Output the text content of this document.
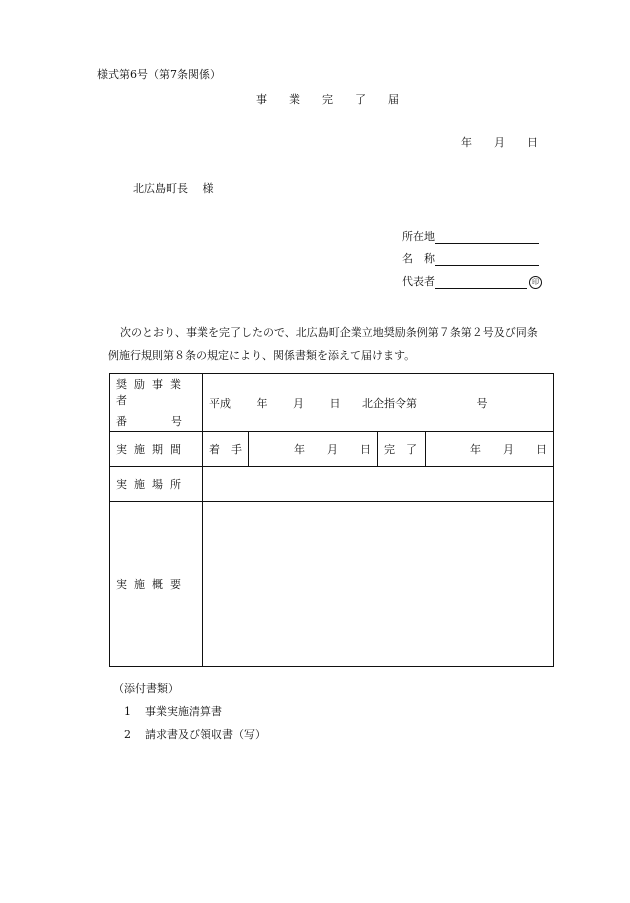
様式第6号（第7条関係）
事　　業　　完　　了　　届
年　　月　　日
北広島町長　 様
所在地
名　称
代表者	印
次のとおり、事業を完了したので、北広島町企業立地奨励条例第７条第２号及び同条
例施行規則第８条の規定により、関係書類を添えて届けます。
奨励事業者
番　　　　号	平成 年 月 日 北企指令第 号			
実施期間	着　手	年　　月　　日	完　了	年　　月　　日
実施場所				
実施概要				
（添付書類）
1 事業実施清算書
2 請求書及び領収書（写）
